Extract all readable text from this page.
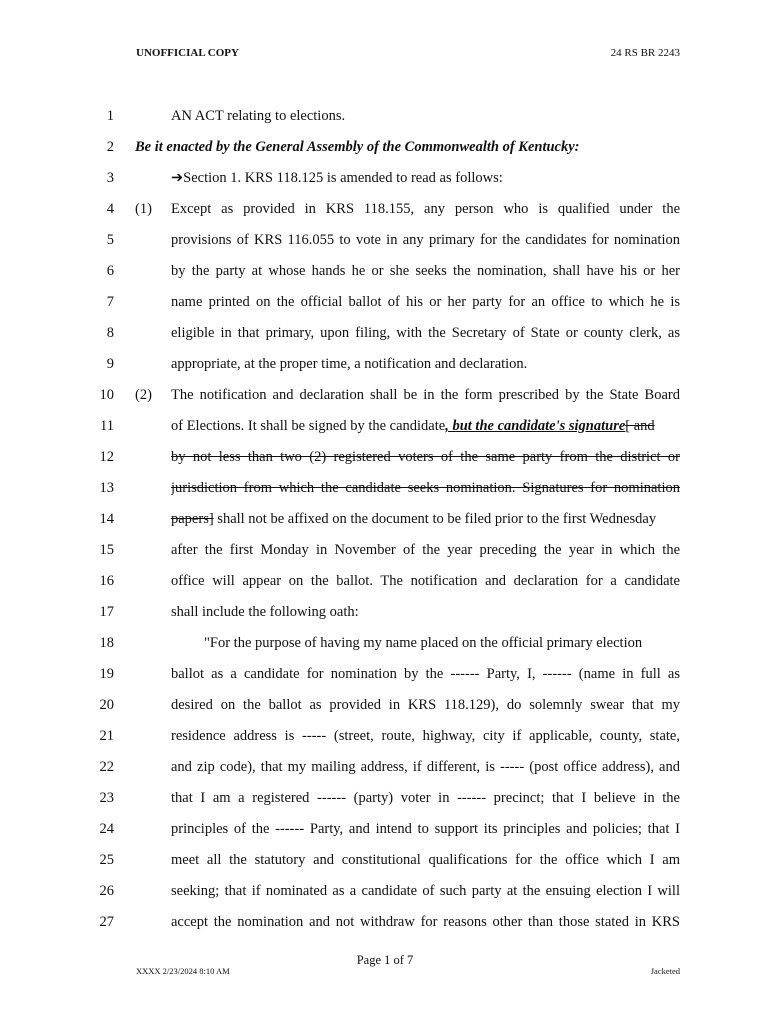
UNOFFICIAL COPY	24 RS BR 2243
1	AN ACT relating to elections.
2 Be it enacted by the General Assembly of the Commonwealth of Kentucky:
3	➔Section 1. KRS 118.125 is amended to read as follows:
4 (1) Except as provided in KRS 118.155, any person who is qualified under the
5	provisions of KRS 116.055 to vote in any primary for the candidates for nomination
6	by the party at whose hands he or she seeks the nomination, shall have his or her
7	name printed on the official ballot of his or her party for an office to which he is
8	eligible in that primary, upon filing, with the Secretary of State or county clerk, as
9	appropriate, at the proper time, a notification and declaration.
10 (2) The notification and declaration shall be in the form prescribed by the State Board
11	of Elections. It shall be signed by the candidate, but the candidate's signature[ and
12	by not less than two (2) registered voters of the same party from the district or
13	jurisdiction from which the candidate seeks nomination. Signatures for nomination
14	papers] shall not be affixed on the document to be filed prior to the first Wednesday
15	after the first Monday in November of the year preceding the year in which the
16	office will appear on the ballot. The notification and declaration for a candidate
17	shall include the following oath:
18	"For the purpose of having my name placed on the official primary election
19	ballot as a candidate for nomination by the ------ Party, I, ------ (name in full as
20	desired on the ballot as provided in KRS 118.129), do solemnly swear that my
21	residence address is ----- (street, route, highway, city if applicable, county, state,
22	and zip code), that my mailing address, if different, is ----- (post office address), and
23	that I am a registered ------ (party) voter in ------ precinct; that I believe in the
24	principles of the ------ Party, and intend to support its principles and policies; that I
25	meet all the statutory and constitutional qualifications for the office which I am
26	seeking; that if nominated as a candidate of such party at the ensuing election I will
27	accept the nomination and not withdraw for reasons other than those stated in KRS
Page 1 of 7
XXXX 2/23/2024 8:10 AM	Jacketed
